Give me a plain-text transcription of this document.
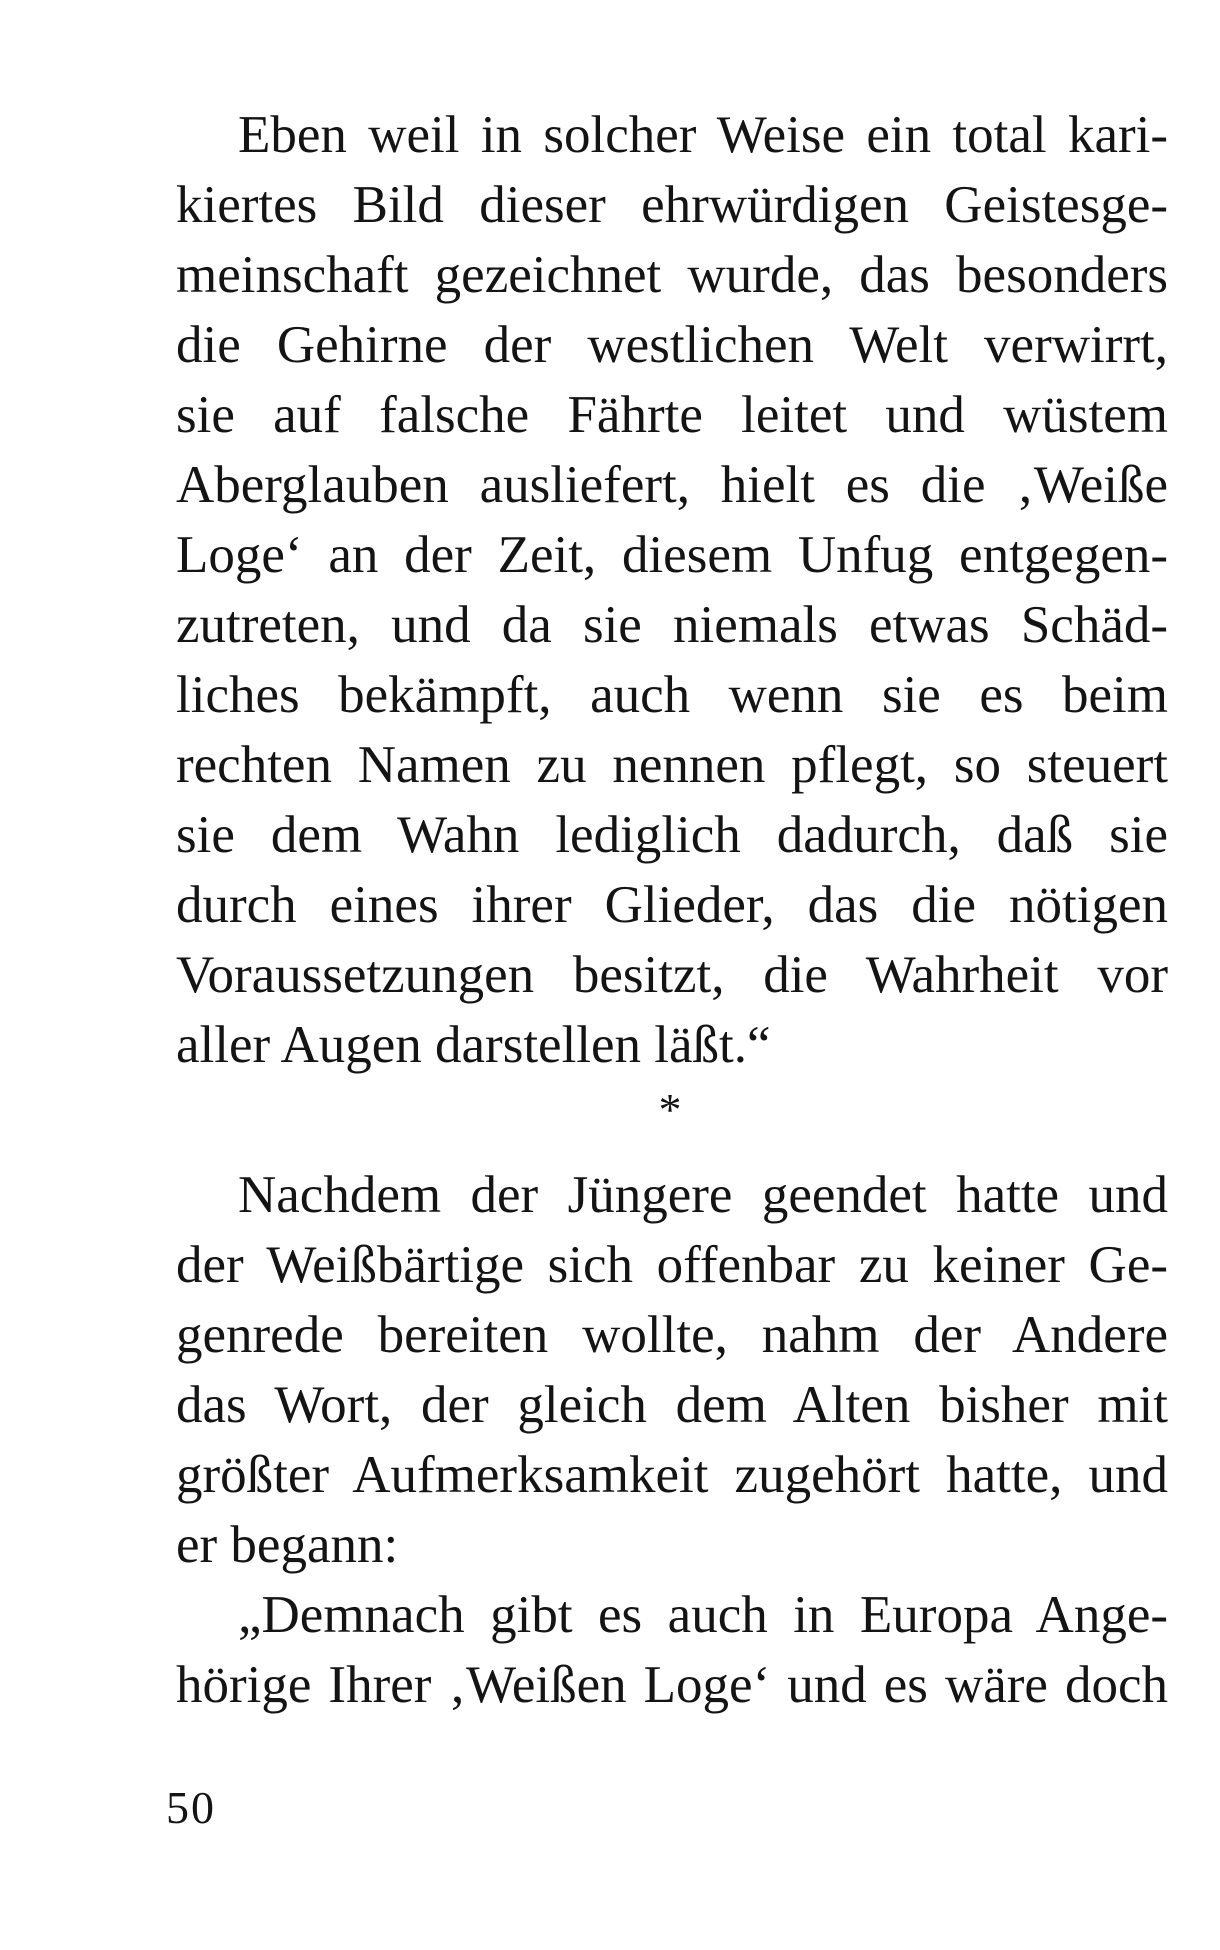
Eben weil in solcher Weise ein total kari-
kiertes Bild dieser ehrwürdigen Geistesge-
meinschaft gezeichnet wurde, das besonders
die Gehirne der westlichen Welt verwirrt,
sie auf falsche Fährte leitet und wüstem
Aberglauben ausliefert, hielt es die ‚Weiße
Loge‘ an der Zeit, diesem Unfug entgegen-
zutreten, und da sie niemals etwas Schäd-
liches bekämpft, auch wenn sie es beim
rechten Namen zu nennen pflegt, so steuert
sie dem Wahn lediglich dadurch, daß sie
durch eines ihrer Glieder, das die nötigen
Voraussetzungen besitzt, die Wahrheit vor
aller Augen darstellen läßt.“
*
Nachdem der Jüngere geendet hatte und
der Weißbärtige sich offenbar zu keiner Ge-
genrede bereiten wollte, nahm der Andere
das Wort, der gleich dem Alten bisher mit
größter Aufmerksamkeit zugehört hatte, und
er begann:
„Demnach gibt es auch in Europa Ange-
hörige Ihrer ‚Weißen Loge‘ und es wäre doch
50
